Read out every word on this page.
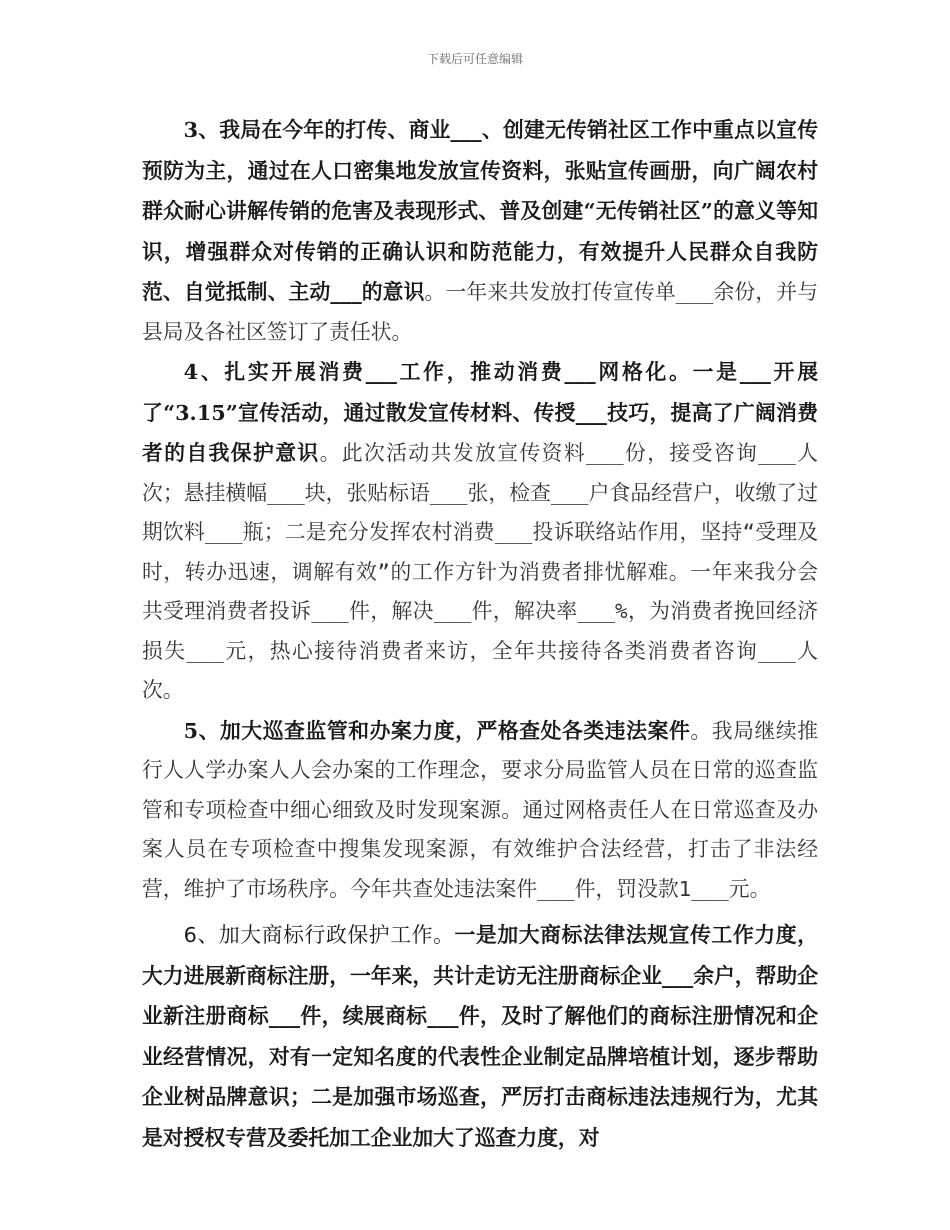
下载后可任意编辑

3、我局在今年的打传、商业___、创建无传销社区工作中重点以宣传预防为主，通过在人口密集地发放宣传资料，张贴宣传画册，向广阔农村群众耐心讲解传销的危害及表现形式、普及创建“无传销社区”的意义等知识，增强群众对传销的正确认识和防范能力，有效提升人民群众自我防范、自觉抵制、主动___的意识。一年来共发放打传宣传单___余份，并与县局及各社区签订了责任状。

4、扎实开展消费___工作，推动消费___网格化。一是___开展了“3.15”宣传活动，通过散发宣传材料、传授___技巧，提高了广阔消费者的自我保护意识。此次活动共发放宣传资料___份，接受咨询___人次；悬挂横幅___块，张贴标语___张，检查___户食品经营户，收缴了过期饮料___瓶；二是充分发挥农村消费___投诉联络站作用，坚持“受理及时，转办迅速，调解有效”的工作方针为消费者排忧解难。一年来我分会共受理消费者投诉___件，解决___件，解决率___%，为消费者挽回经济损失___元，热心接待消费者来访，全年共接待各类消费者咨询___人次。

5、加大巡查监管和办案力度，严格查处各类违法案件。我局继续推行人人学办案人人会办案的工作理念，要求分局监管人员在日常的巡查监管和专项检查中细心细致及时发现案源。通过网格责任人在日常巡查及办案人员在专项检查中搜集发现案源，有效维护合法经营，打击了非法经营，维护了市场秩序。今年共查处违法案件___件，罚没款1___元。

6、加大商标行政保护工作。一是加大商标法律法规宣传工作力度，大力进展新商标注册，一年来，共计走访无注册商标企业___余户，帮助企业新注册商标___件，续展商标___件，及时了解他们的商标注册情况和企业经营情况，对有一定知名度的代表性企业制定品牌培植计划，逐步帮助企业树品牌意识；二是加强市场巡查，严厉打击商标违法违规行为，尤其是对授权专营及委托加工企业加大了巡查力度，对
